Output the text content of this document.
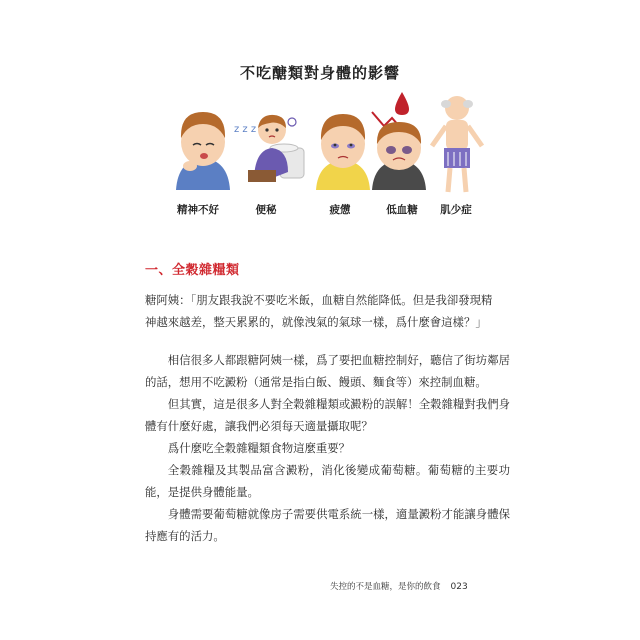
不吃醣類對身體的影響
z z z
精神不好	便秘	疲憊	低血糖	肌少症
一、全穀雜糧類

糖阿姨：「朋友跟我說不要吃米飯，血糖自然能降低。但是我卻發現精

神越來越差，整天累累的，就像洩氣的氣球一樣，爲什麼會這樣？」

相信很多人都跟糖阿姨一樣，爲了要把血糖控制好，聽信了街坊鄰居的話，想用不吃澱粉（通常是指白飯、饅頭、麵食等）來控制血糖。

但其實，這是很多人對全穀雜糧類或澱粉的誤解！全穀雜糧對我們身體有什麼好處，讓我們必須每天適量攝取呢？

爲什麼吃全穀雜糧類食物這麼重要？

全穀雜糧及其製品富含澱粉，消化後變成葡萄糖。葡萄糖的主要功能，是提供身體能量。

身體需要葡萄糖就像房子需要供電系統一樣，適量澱粉才能讓身體保持應有的活力。

失控的不是血糖，是你的飲食 023
